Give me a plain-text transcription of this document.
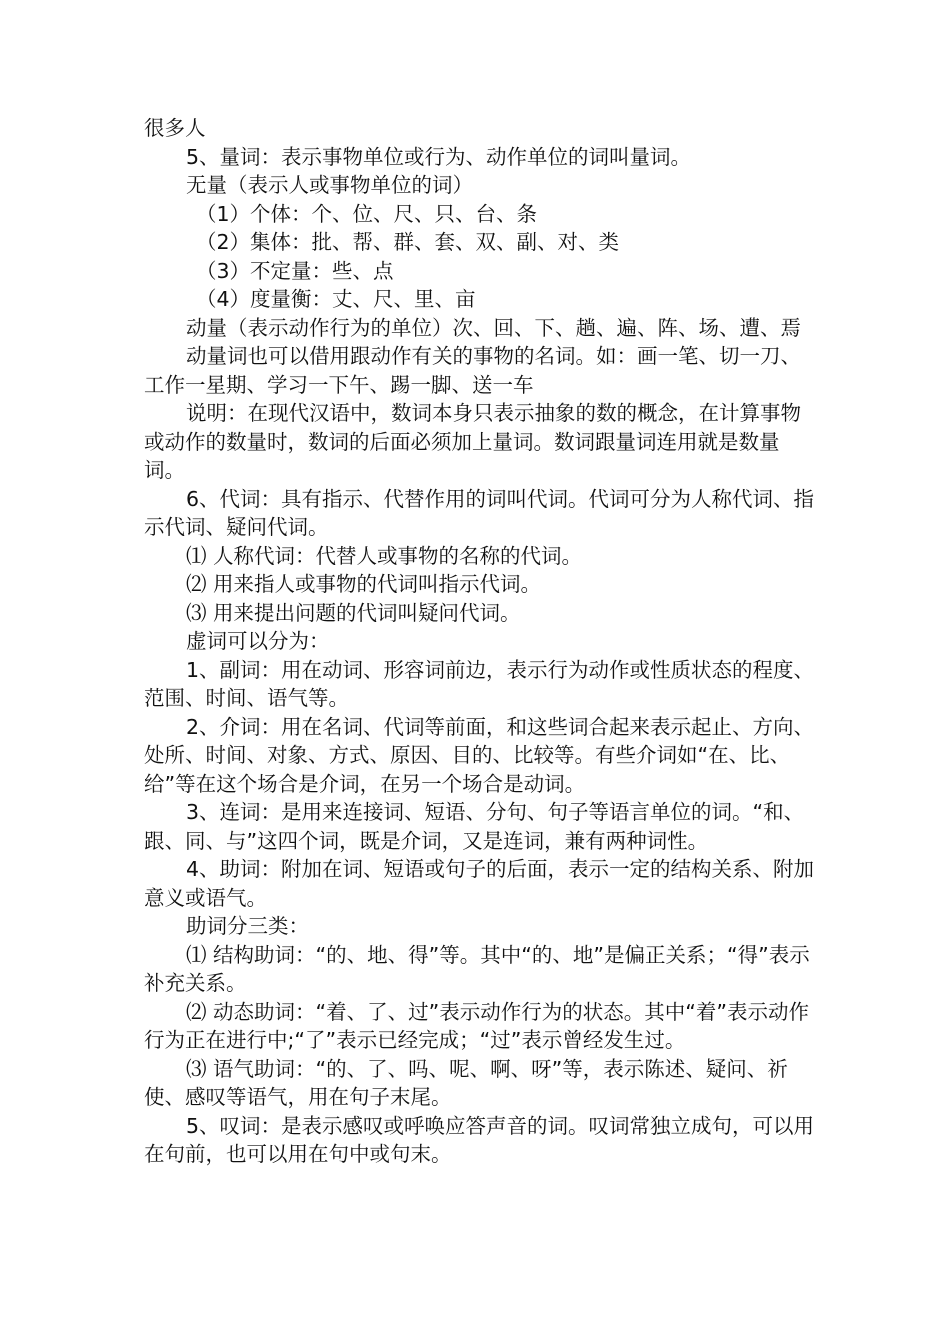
很多人

5、量词：表示事物单位或行为、动作单位的词叫量词。

无量（表示人或事物单位的词）

（1）个体：个、位、尺、只、台、条

（2）集体：批、帮、群、套、双、副、对、类

（3）不定量：些、点

（4）度量衡：丈、尺、里、亩

动量（表示动作行为的单位）次、回、下、趟、遍、阵、场、遭、焉

动量词也可以借用跟动作有关的事物的名词。如：画一笔、切一刀、工作一星期、学习一下午、踢一脚、送一车

说明：在现代汉语中，数词本身只表示抽象的数的概念，在计算事物或动作的数量时，数词的后面必须加上量词。数词跟量词连用就是数量词。

6、代词：具有指示、代替作用的词叫代词。代词可分为人称代词、指示代词、疑问代词。

⑴ 人称代词：代替人或事物的名称的代词。

⑵ 用来指人或事物的代词叫指示代词。

⑶ 用来提出问题的代词叫疑问代词。

虚词可以分为：

1、副词：用在动词、形容词前边，表示行为动作或性质状态的程度、范围、时间、语气等。

2、介词：用在名词、代词等前面，和这些词合起来表示起止、方向、处所、时间、对象、方式、原因、目的、比较等。有些介词如“在、比、给”等在这个场合是介词，在另一个场合是动词。

3、连词：是用来连接词、短语、分句、句子等语言单位的词。“和、跟、同、与”这四个词，既是介词，又是连词，兼有两种词性。

4、助词：附加在词、短语或句子的后面，表示一定的结构关系、附加意义或语气。

助词分三类：

⑴ 结构助词：“的、地、得”等。其中“的、地”是偏正关系；“得”表示补充关系。

⑵ 动态助词：“着、了、过”表示动作行为的状态。其中“着”表示动作行为正在进行中;“了”表示已经完成；“过”表示曾经发生过。

⑶ 语气助词：“的、了、吗、呢、啊、呀”等，表示陈述、疑问、祈使、感叹等语气，用在句子末尾。

5、叹词：是表示感叹或呼唤应答声音的词。叹词常独立成句，可以用在句前，也可以用在句中或句末。
